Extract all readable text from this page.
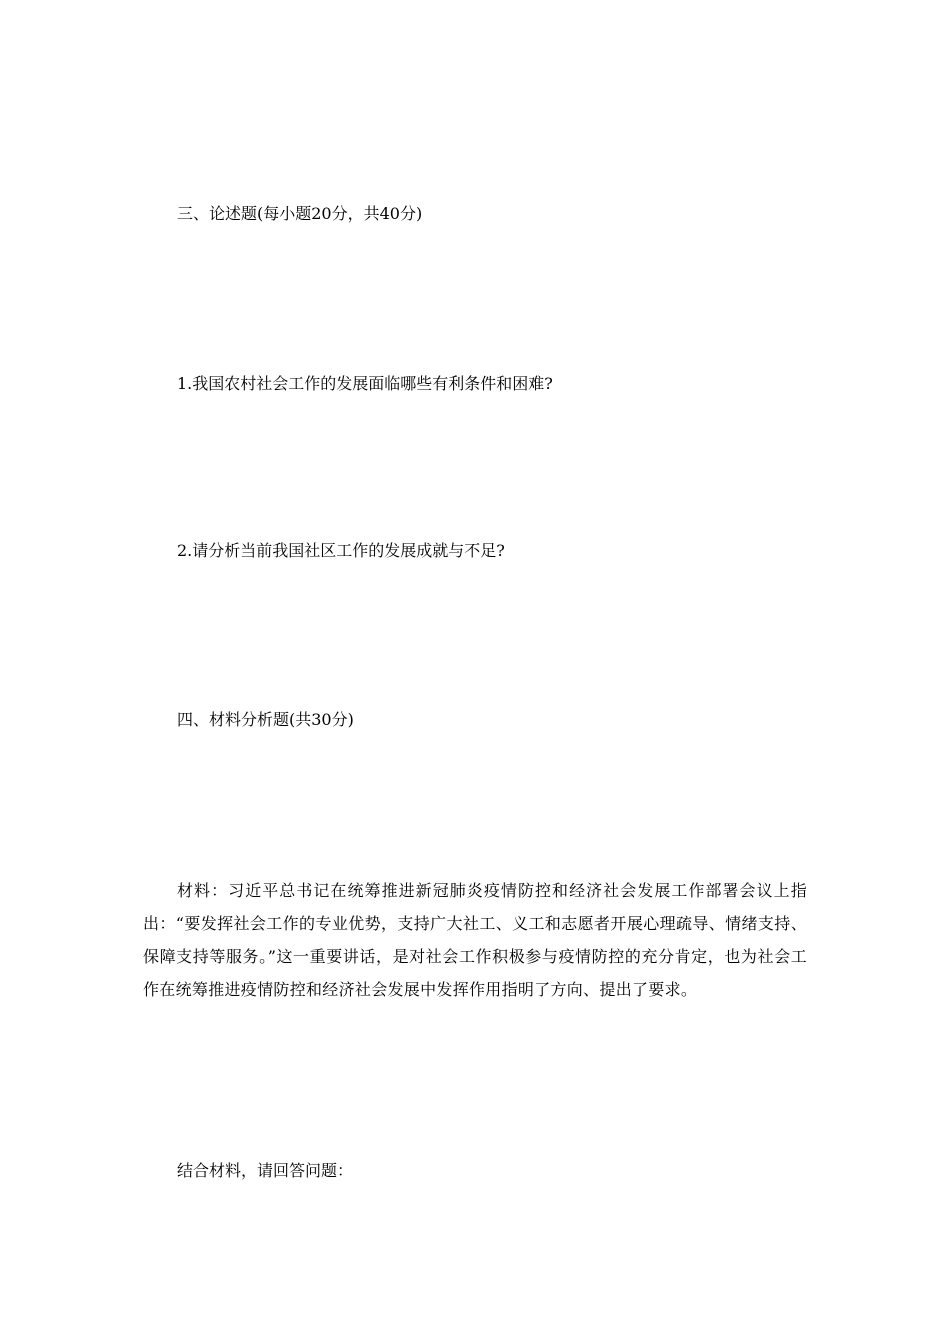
三、论述题(每小题20分，共40分)
1.我国农村社会工作的发展面临哪些有利条件和困难?
2.请分析当前我国社区工作的发展成就与不足?
四、材料分析题(共30分)
材料：习近平总书记在统筹推进新冠肺炎疫情防控和经济社会发展工作部署会议上指出：“要发挥社会工作的专业优势，支持广大社工、义工和志愿者开展心理疏导、情绪支持、保障支持等服务。”这一重要讲话，是对社会工作积极参与疫情防控的充分肯定，也为社会工作在统筹推进疫情防控和经济社会发展中发挥作用指明了方向、提出了要求。
结合材料，请回答问题：
